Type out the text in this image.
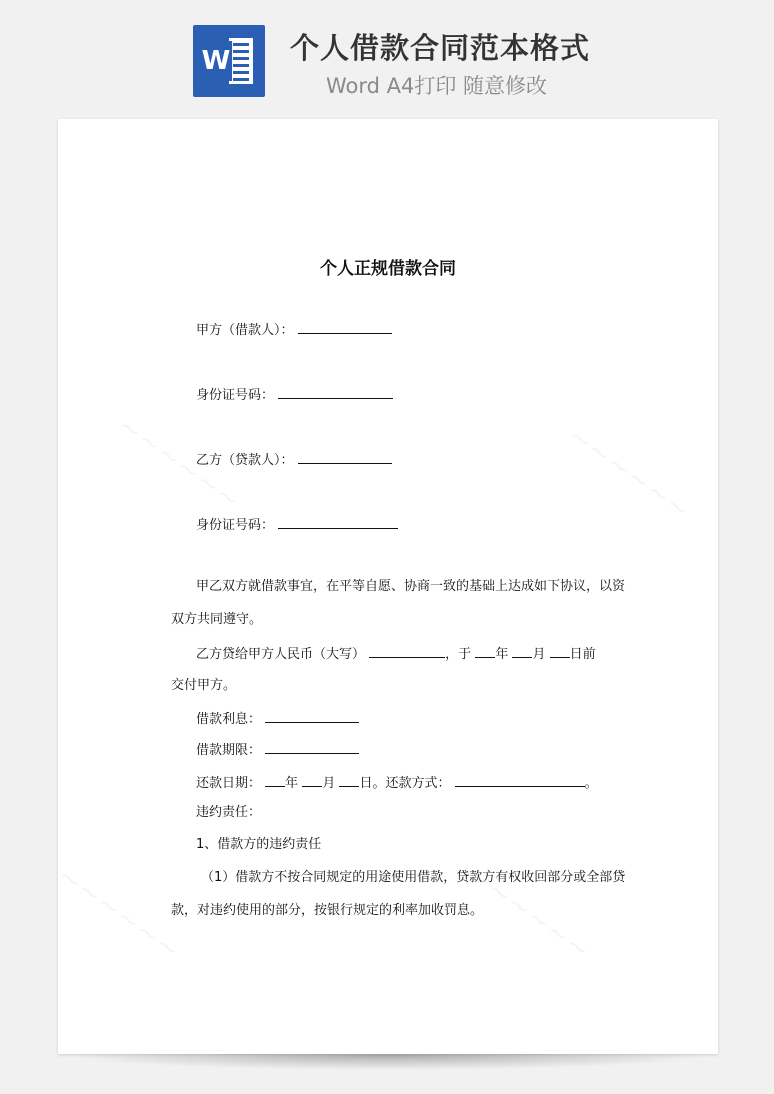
W 个人借款合同范本格式
Word A4打印 随意修改
个人正规借款合同
甲方（借款人）：
身份证号码：
乙方（贷款人）：
身份证号码：
甲乙双方就借款事宜，在平等自愿、协商一致的基础上达成如下协议，以资
双方共同遵守。
乙方贷给甲方人民币（大写）	，于 年 月 日前
交付甲方。
借款利息：
借款期限：
还款日期： 年 月 日。还款方式：	。
违约责任：
1、借款方的违约责任
（1）借款方不按合同规定的用途使用借款，贷款方有权收回部分或全部贷
款，对违约使用的部分，按银行规定的利率加收罚息。
